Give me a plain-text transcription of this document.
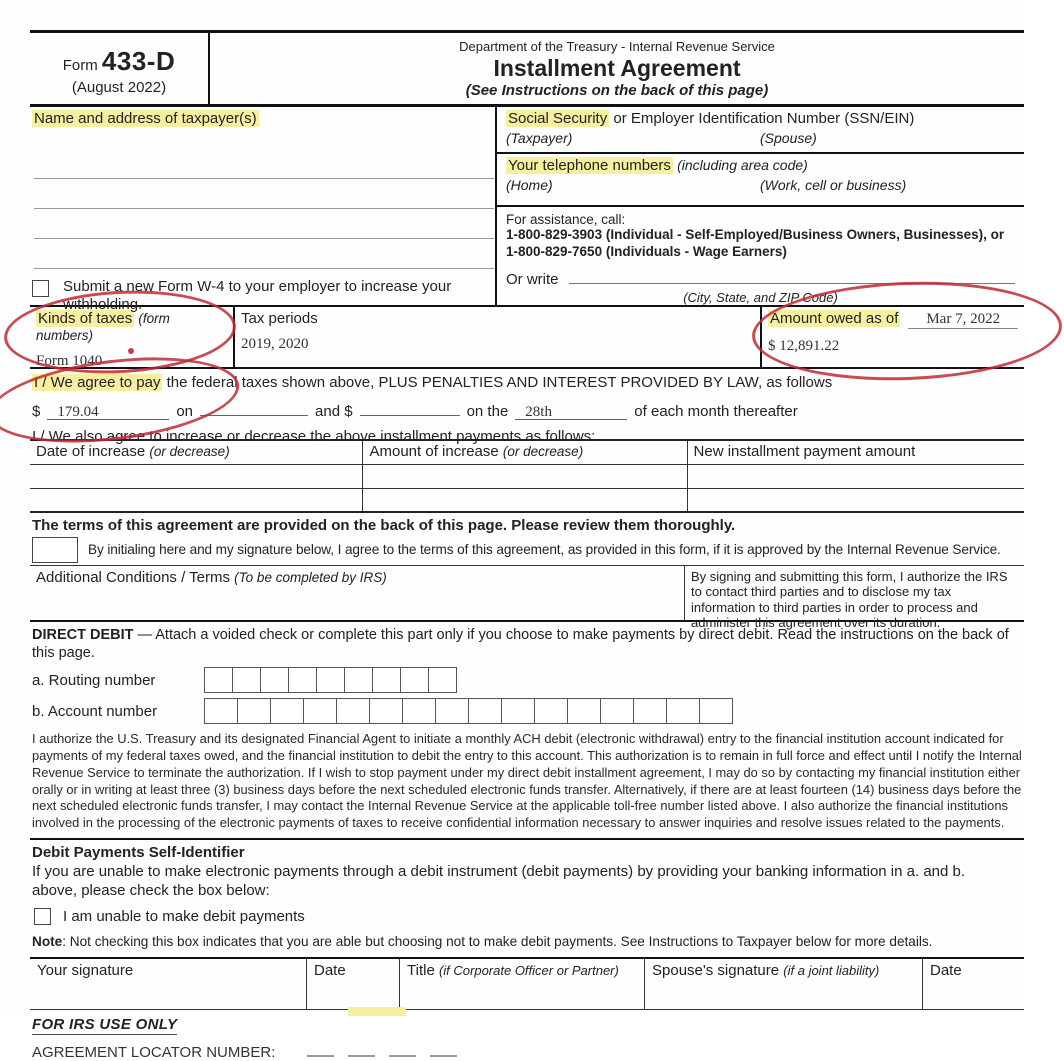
Form 433-D
(August 2022)
Department of the Treasury - Internal Revenue Service
Installment Agreement
(See Instructions on the back of this page)
Name and address of taxpayer(s)
Submit a new Form W-4 to your employer to increase your withholding.
Social Security or Employer Identification Number (SSN/EIN)
(Taxpayer)	(Spouse)
Your telephone numbers (including area code)
(Home)	(Work, cell or business)
For assistance, call:
1-800-829-3903 (Individual - Self-Employed/Business Owners, Businesses), or
1-800-829-7650 (Individuals - Wage Earners)
Or write
(City, State, and ZIP Code)
Kinds of taxes (form numbers)
Form 1040
Tax periods
2019, 2020
Amount owed as of	Mar 7, 2022
$ 12,891.22
I / We agree to pay the federal taxes shown above, PLUS PENALTIES AND INTEREST PROVIDED BY LAW, as follows
$	179.04	on	and $	on the	28th	of each month thereafter
I / We also agree to increase or decrease the above installment payments as follows:
Date of increase (or decrease)	Amount of increase (or decrease)	New installment payment amount

The terms of this agreement are provided on the back of this page. Please review them thoroughly.
By initialing here and my signature below, I agree to the terms of this agreement, as provided in this form, if it is approved by the Internal Revenue Service.
Additional Conditions / Terms (To be completed by IRS)	By signing and submitting this form, I authorize the IRS to contact third parties and to disclose my tax information to third parties in order to process and administer this agreement over its duration.
DIRECT DEBIT — Attach a voided check or complete this part only if you choose to make payments by direct debit. Read the instructions on the back of this page.
a. Routing number
b. Account number
I authorize the U.S. Treasury and its designated Financial Agent to initiate a monthly ACH debit (electronic withdrawal) entry to the financial institution account indicated for payments of my federal taxes owed, and the financial institution to debit the entry to this account. This authorization is to remain in full force and effect until I notify the Internal Revenue Service to terminate the authorization. If I wish to stop payment under my direct debit installment agreement, I may do so by contacting my financial institution either orally or in writing at least three (3) business days before the next scheduled electronic funds transfer. Alternatively, if there are at least fourteen (14) business days before the next scheduled electronic funds transfer, I may contact the Internal Revenue Service at the applicable toll-free number listed above. I also authorize the financial institutions involved in the processing of the electronic payments of taxes to receive confidential information necessary to answer inquiries and resolve issues related to the payments.
Debit Payments Self-Identifier
If you are unable to make electronic payments through a debit instrument (debit payments) by providing your banking information in a. and b. above, please check the box below:
I am unable to make debit payments
Note: Not checking this box indicates that you are able but choosing not to make debit payments. See Instructions to Taxpayer below for more details.
Your signature	Date	Title (if Corporate Officer or Partner)	Spouse's signature (if a joint liability)	Date
FOR IRS USE ONLY
AGREEMENT LOCATOR NUMBER:
